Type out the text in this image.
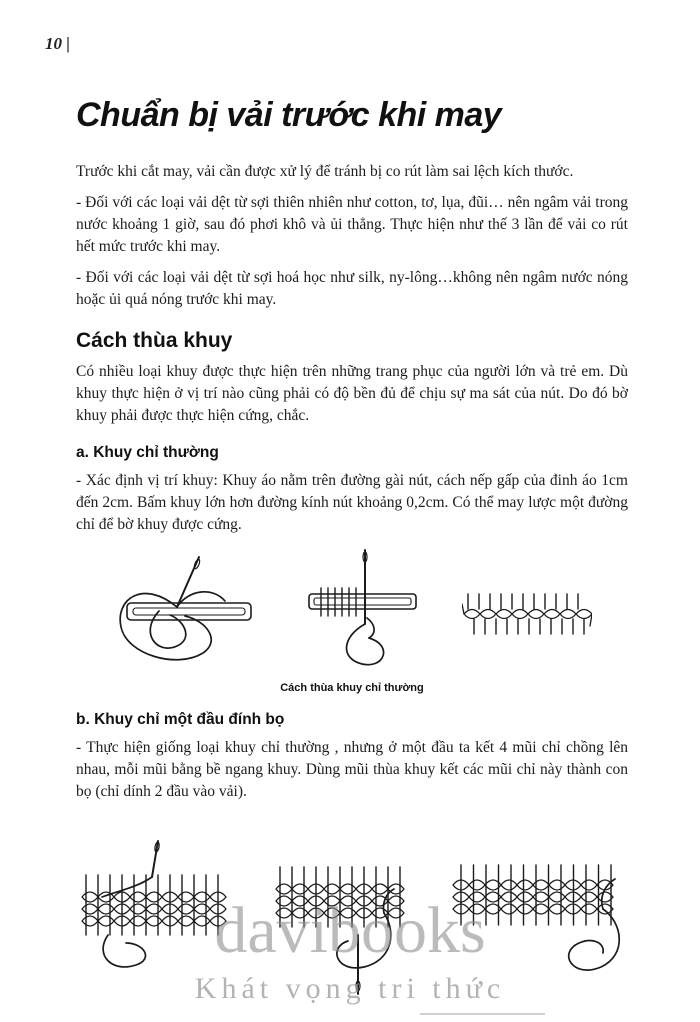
10 |
Chuẩn bị vải trước khi may

Trước khi cắt may, vải cần được xử lý để tránh bị co rút làm sai lệch kích thước.

- Đối với các loại vải dệt từ sợi thiên nhiên như cotton, tơ, lụa, đũi… nên ngâm vải trong nước khoảng 1 giờ, sau đó phơi khô và ủi thẳng. Thực hiện như thế 3 lần để vải co rút hết mức trước khi may.

- Đối với các loại vải dệt từ sợi hoá học như silk, ny-lông…không nên ngâm nước nóng hoặc ủi quá nóng trước khi may.

Cách thùa khuy

Có nhiều loại khuy được thực hiện trên những trang phục của người lớn và trẻ em. Dù khuy thực hiện ở vị trí nào cũng phải có độ bền đủ để chịu sự ma sát của nút. Do đó bờ khuy phải được thực hiện cứng, chắc.

a. Khuy chỉ thường

- Xác định vị trí khuy: Khuy áo nằm trên đường gài nút, cách nếp gấp của đinh áo 1cm đến 2cm. Bấm khuy lớn hơn đường kính nút khoảng 0,2cm. Có thể may lược một đường chỉ để bờ khuy được cứng.

Cách thùa khuy chỉ thường
b. Khuy chỉ một đầu đính bọ

- Thực hiện giống loại khuy chỉ thường , nhưng ở một đầu ta kết 4 mũi chỉ chồng lên nhau, mỗi mũi bằng bề ngang khuy. Dùng mũi thùa khuy kết các mũi chỉ này thành con bọ (chỉ dính 2 đầu vào vải).

davibooks
Khát vọng tri thức
